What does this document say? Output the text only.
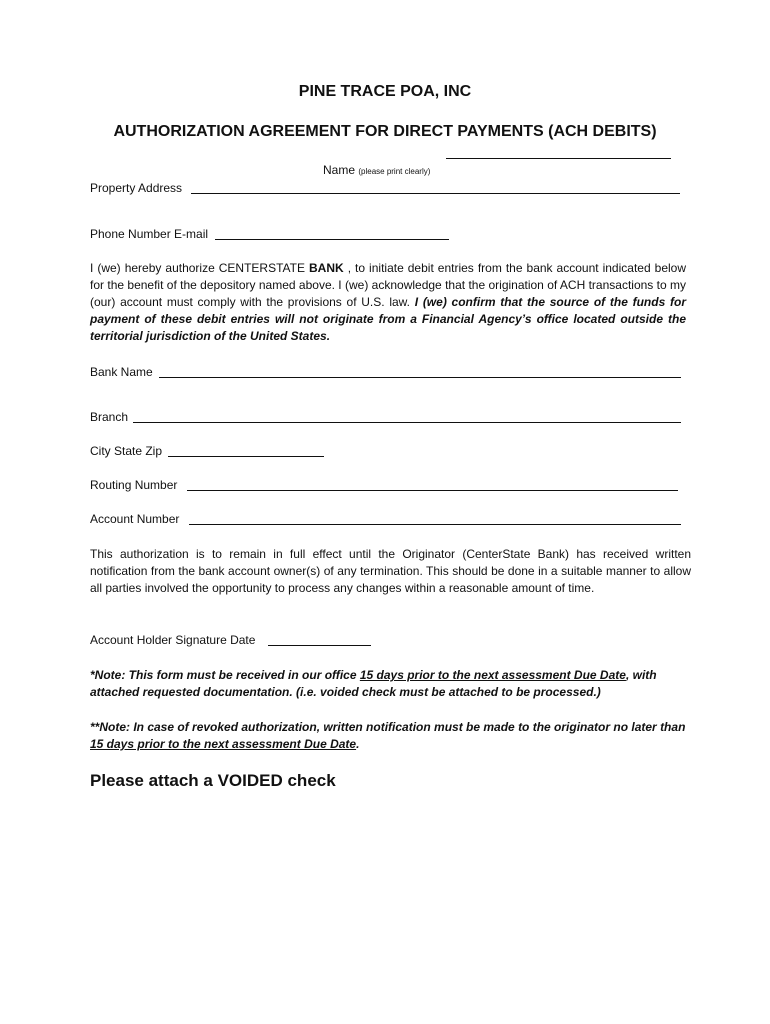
PINE TRACE POA, INC
AUTHORIZATION AGREEMENT FOR DIRECT PAYMENTS (ACH DEBITS)
Name (please print clearly)
Property Address
Phone Number E-mail
I (we) hereby authorize CENTERSTATE BANK , to initiate debit entries from the bank account indicated below for the benefit of the depository named above. I (we) acknowledge that the origination of ACH transactions to my (our) account must comply with the provisions of U.S. law. I (we) confirm that the source of the funds for payment of these debit entries will not originate from a Financial Agency’s office located outside the territorial jurisdiction of the United States.
Bank Name
Branch
City State Zip
Routing Number
Account Number
This authorization is to remain in full effect until the Originator (CenterState Bank) has received written notification from the bank account owner(s) of any termination. This should be done in a suitable manner to allow all parties involved the opportunity to process any changes within a reasonable amount of time.
Account Holder Signature Date
*Note: This form must be received in our office 15 days prior to the next assessment Due Date, with attached requested documentation. (i.e. voided check must be attached to be processed.)
**Note: In case of revoked authorization, written notification must be made to the originator no later than 15 days prior to the next assessment Due Date.
Please attach a VOIDED check
